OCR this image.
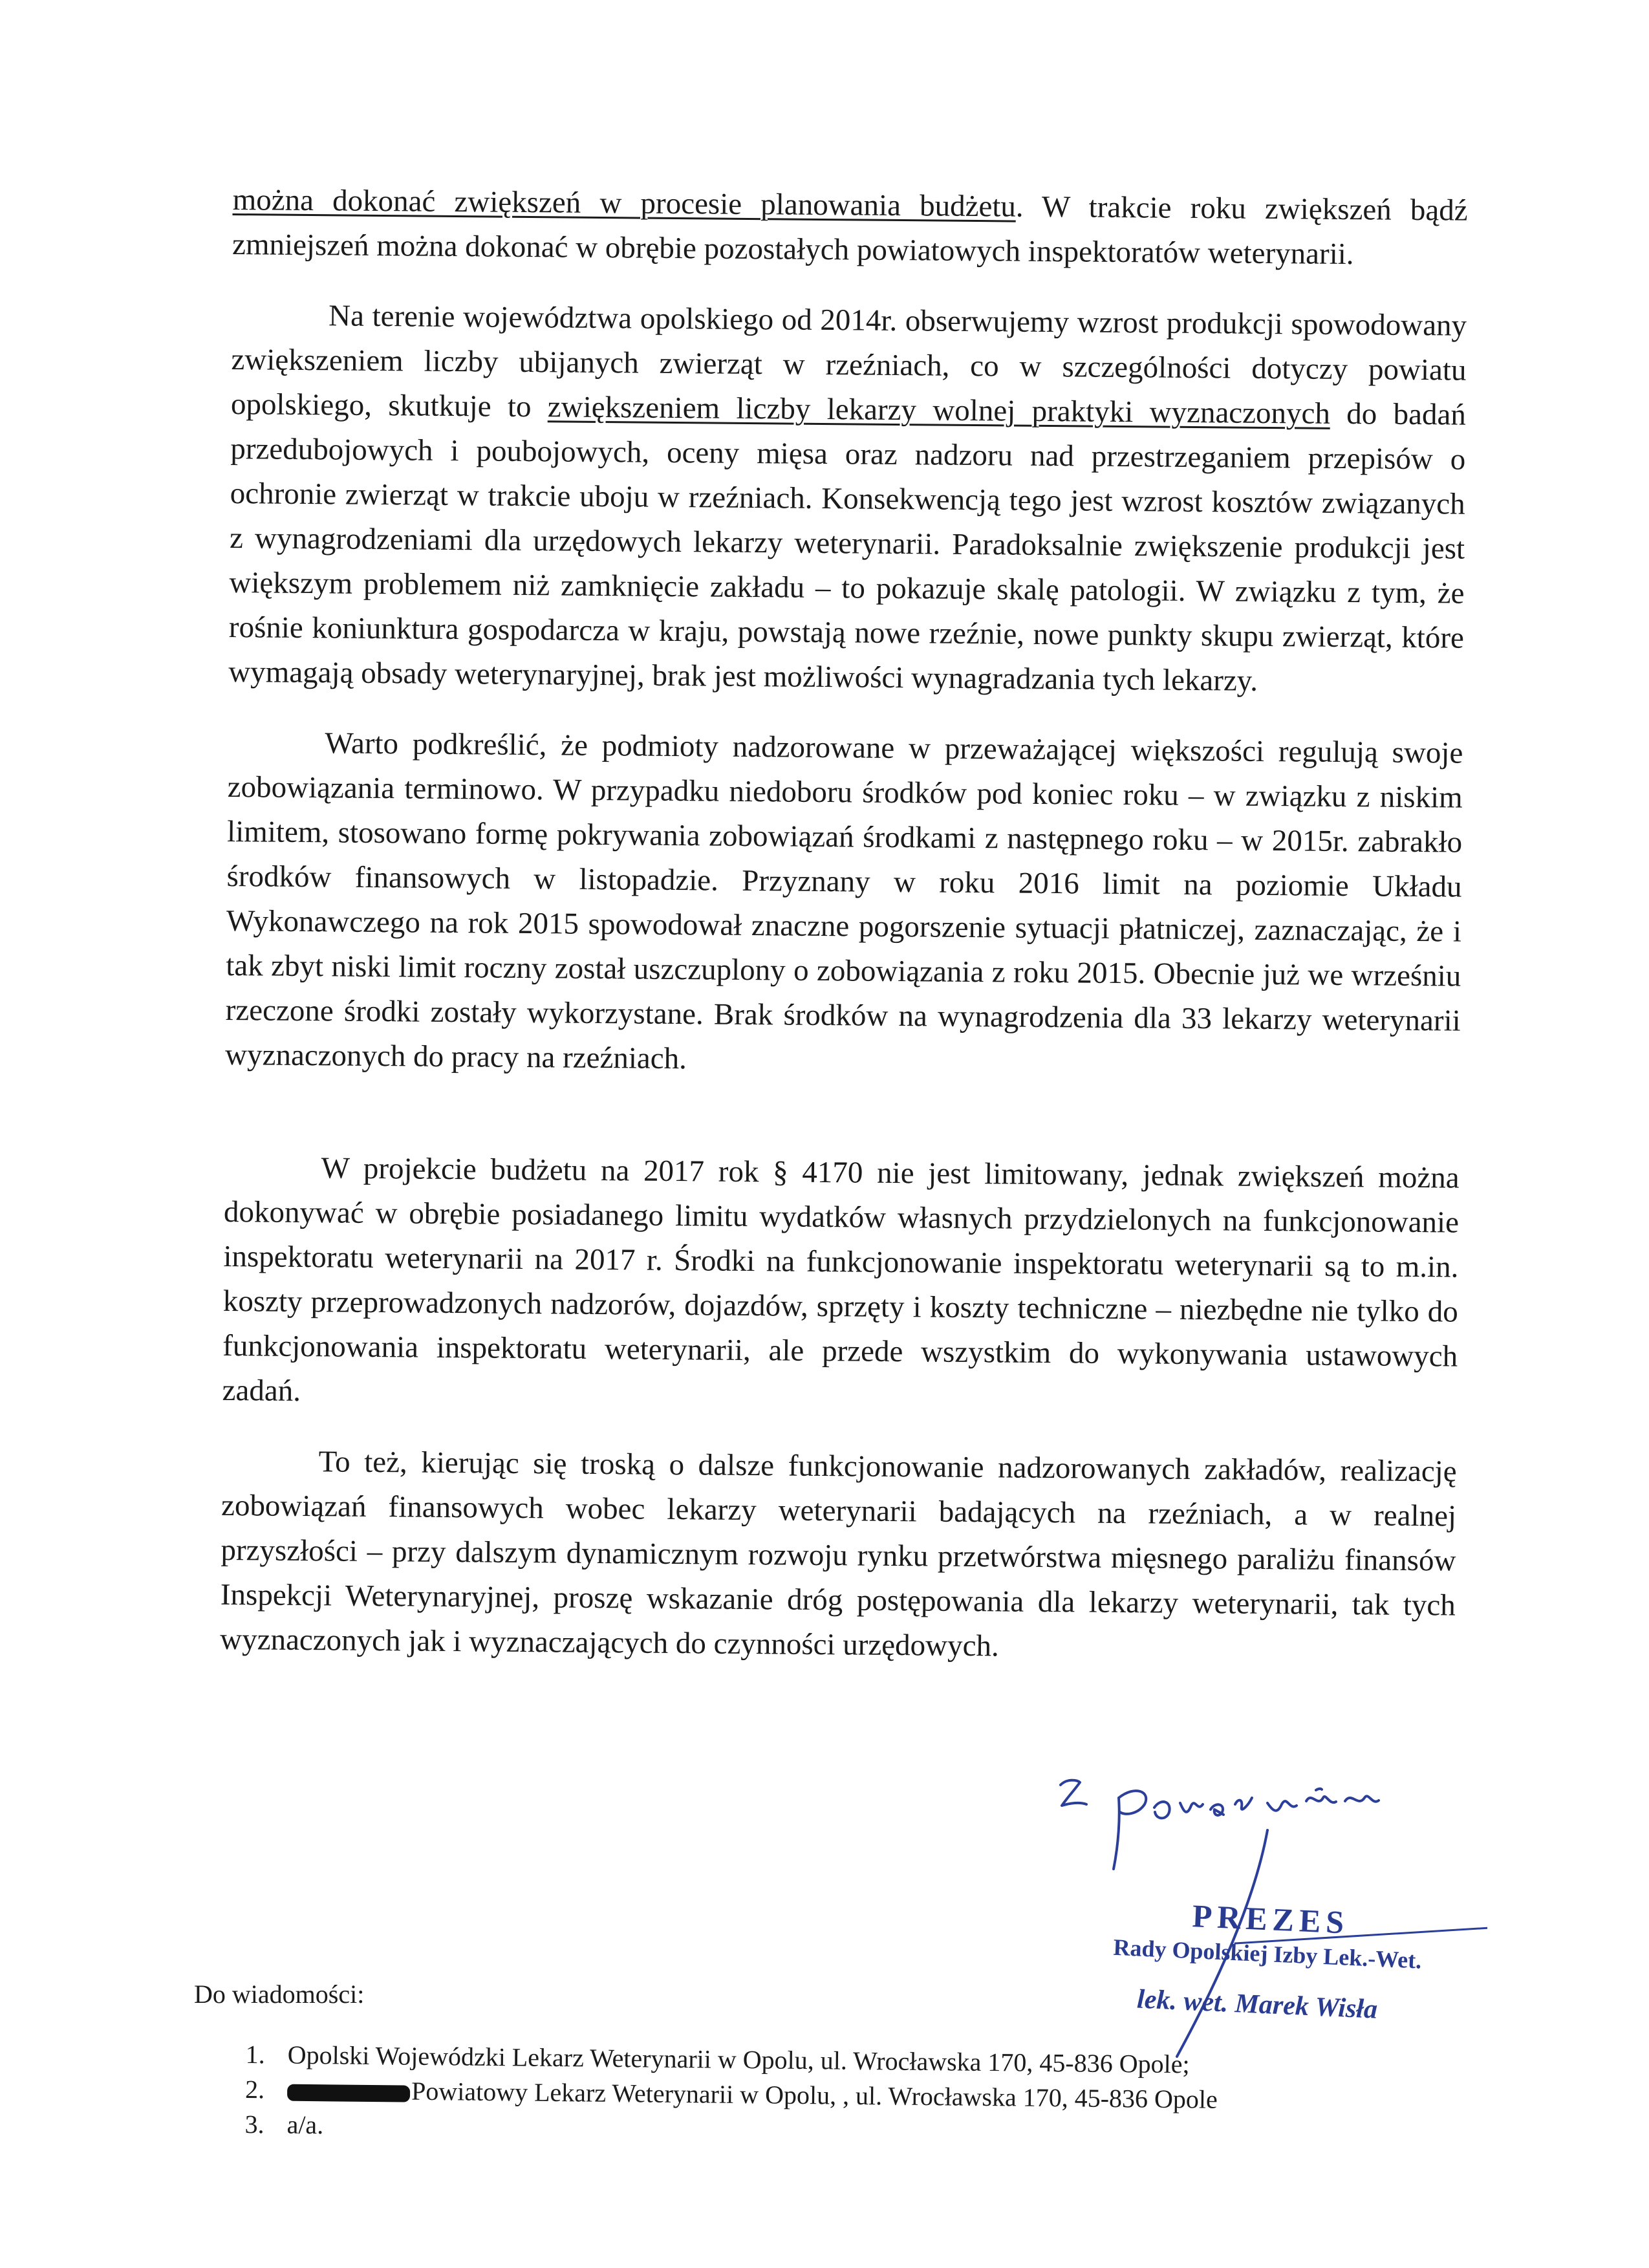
można dokonać zwiększeń w procesie planowania budżetu. W trakcie roku zwiększeń bądź zmniejszeń można dokonać w obrębie pozostałych powiatowych inspektoratów weterynarii.

Na terenie województwa opolskiego od 2014r. obserwujemy wzrost produkcji spowodowany zwiększeniem liczby ubijanych zwierząt w rzeźniach, co w szczególności dotyczy powiatu opolskiego, skutkuje to zwiększeniem liczby lekarzy wolnej praktyki wyznaczonych do badań przedubojowych i poubojowych, oceny mięsa oraz nadzoru nad przestrzeganiem przepisów o ochronie zwierząt w trakcie uboju w rzeźniach. Konsekwencją tego jest wzrost kosztów związanych z wynagrodzeniami dla urzędowych lekarzy weterynarii. Paradoksalnie zwiększenie produkcji jest większym problemem niż zamknięcie zakładu – to pokazuje skalę patologii. W związku z tym, że rośnie koniunktura gospodarcza w kraju, powstają nowe rzeźnie, nowe punkty skupu zwierząt, które wymagają obsady weterynaryjnej, brak jest możliwości wynagradzania tych lekarzy.

Warto podkreślić, że podmioty nadzorowane w przeważającej większości regulują swoje zobowiązania terminowo. W przypadku niedoboru środków pod koniec roku – w związku z niskim limitem, stosowano formę pokrywania zobowiązań środkami z następnego roku – w 2015r. zabrakło środków finansowych w listopadzie. Przyznany w roku 2016 limit na poziomie Układu Wykonawczego na rok 2015 spowodował znaczne pogorszenie sytuacji płatniczej, zaznaczając, że i tak zbyt niski limit roczny został uszczuplony o zobowiązania z roku 2015. Obecnie już we wrześniu rzeczone środki zostały wykorzystane. Brak środków na wynagrodzenia dla 33 lekarzy weterynarii wyznaczonych do pracy na rzeźniach.

W projekcie budżetu na 2017 rok § 4170 nie jest limitowany, jednak zwiększeń można dokonywać w obrębie posiadanego limitu wydatków własnych przydzielonych na funkcjonowanie inspektoratu weterynarii na 2017 r. Środki na funkcjonowanie inspektoratu weterynarii są to m.in. koszty przeprowadzonych nadzorów, dojazdów, sprzęty i koszty techniczne – niezbędne nie tylko do funkcjonowania inspektoratu weterynarii, ale przede wszystkim do wykonywania ustawowych zadań.

To też, kierując się troską o dalsze funkcjonowanie nadzorowanych zakładów, realizację zobowiązań finansowych wobec lekarzy weterynarii badających na rzeźniach, a w realnej przyszłości – przy dalszym dynamicznym rozwoju rynku przetwórstwa mięsnego paraliżu finansów Inspekcji Weterynaryjnej, proszę wskazanie dróg postępowania dla lekarzy weterynarii, tak tych wyznaczonych jak i wyznaczających do czynności urzędowych.

PREZES
Rady Opolskiej Izby Lek.-Wet.
lek. wet. Marek Wisła
Do wiadomości:
1. Opolski Wojewódzki Lekarz Weterynarii w Opolu, ul. Wrocławska 170, 45-836 Opole;
2.	Powiatowy Lekarz Weterynarii w Opolu, , ul. Wrocławska 170, 45-836 Opole
3. a/a.
